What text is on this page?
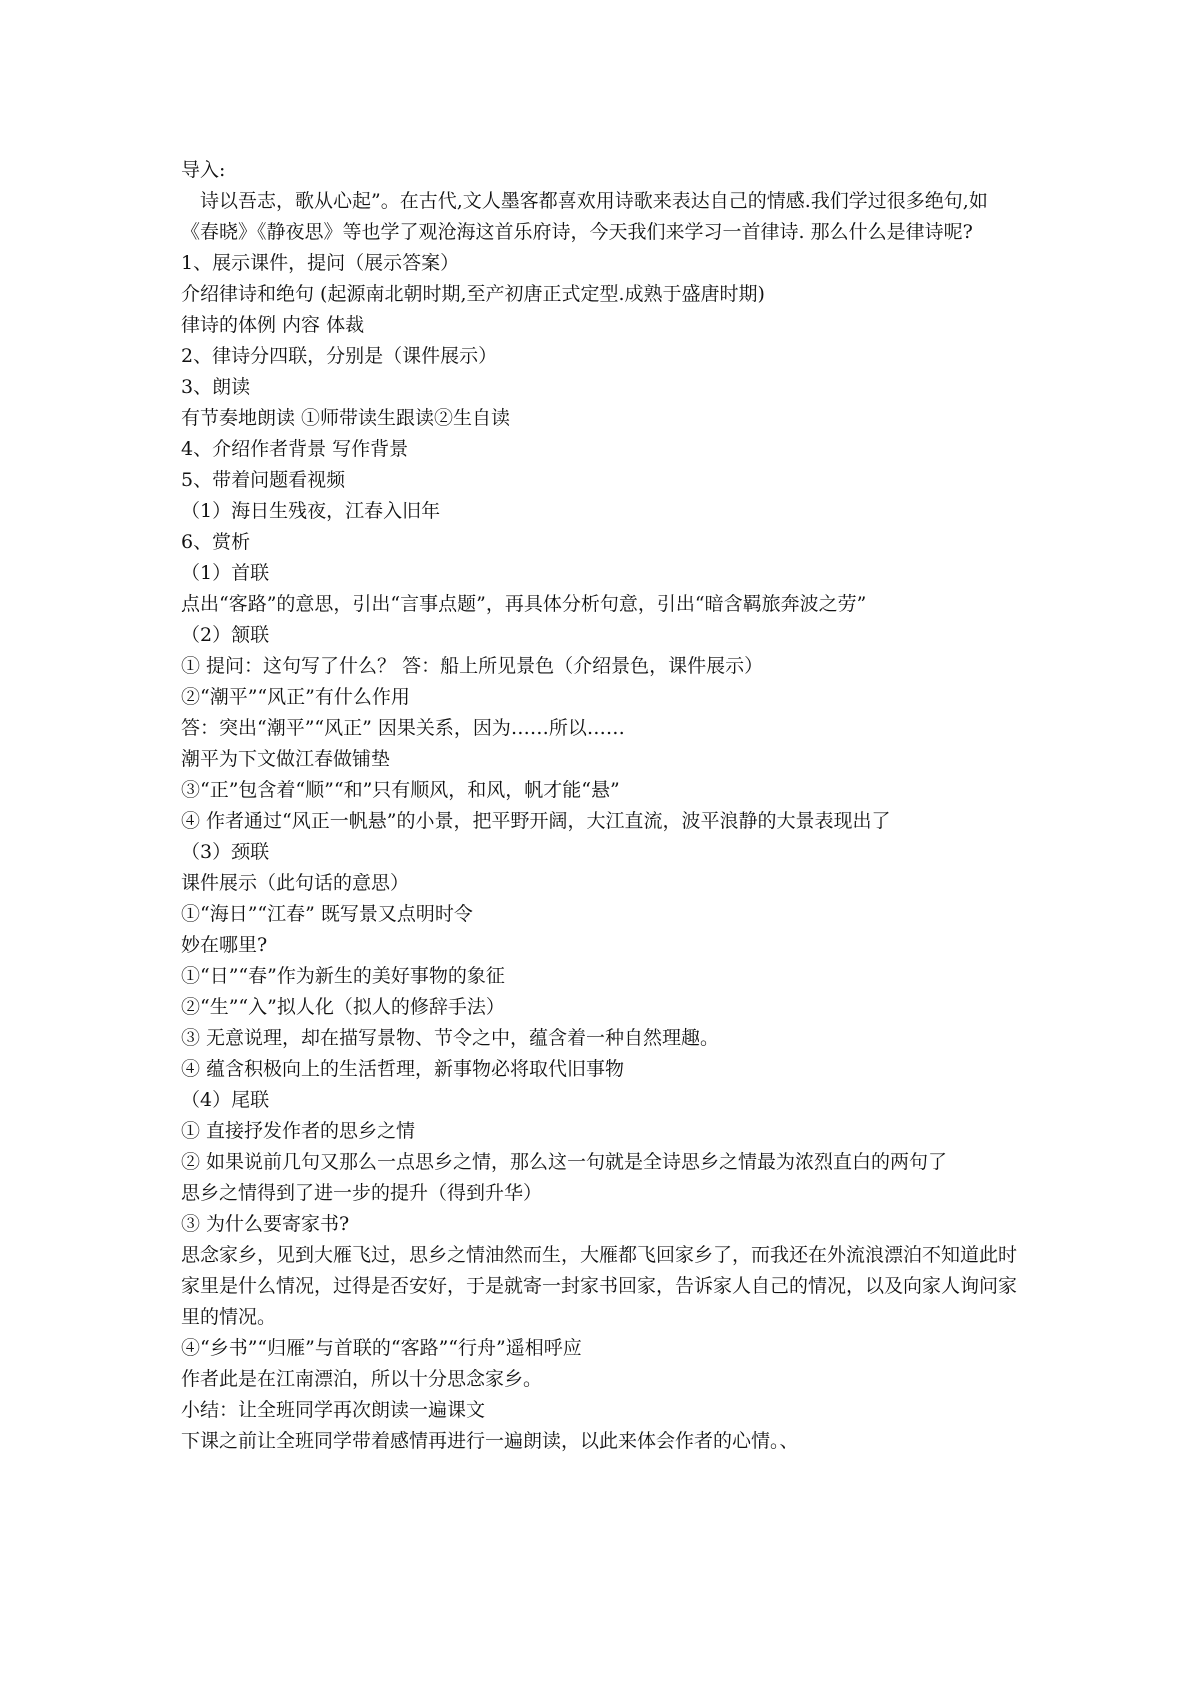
导入:

诗以吾志，歌从心起”。在古代,文人墨客都喜欢用诗歌来表达自己的情感.我们学过很多绝句,如《春晓》《静夜思》等也学了观沧海这首乐府诗，今天我们来学习一首律诗. 那么什么是律诗呢?

1、展示课件，提问（展示答案）

介绍律诗和绝句 (起源南北朝时期,至产初唐正式定型.成熟于盛唐时期)

律诗的体例 内容 体裁

2、律诗分四联，分别是（课件展示）

3、朗读

有节奏地朗读 ①师带读生跟读②生自读

4、介绍作者背景 写作背景

5、带着问题看视频

（1）海日生残夜，江春入旧年

6、赏析

（1）首联

点出“客路”的意思，引出“言事点题”，再具体分析句意，引出“暗含羁旅奔波之劳”

（2）颔联

① 提问：这句写了什么？ 答：船上所见景色（介绍景色，课件展示）

②“潮平”“风正”有什么作用

答：突出“潮平”“风正” 因果关系，因为……所以……

潮平为下文做江春做铺垫

③“正”包含着“顺”“和”只有顺风，和风，帆才能“悬”

④ 作者通过“风正一帆悬”的小景，把平野开阔，大江直流，波平浪静的大景表现出了

（3）颈联

课件展示（此句话的意思）

①“海日”“江春” 既写景又点明时令

妙在哪里?

①“日”“春”作为新生的美好事物的象征

②“生”“入”拟人化（拟人的修辞手法）

③ 无意说理，却在描写景物、节令之中，蕴含着一种自然理趣。

④ 蕴含积极向上的生活哲理，新事物必将取代旧事物

（4）尾联

① 直接抒发作者的思乡之情

② 如果说前几句又那么一点思乡之情，那么这一句就是全诗思乡之情最为浓烈直白的两句了

思乡之情得到了进一步的提升（得到升华）

③ 为什么要寄家书?

思念家乡，见到大雁飞过，思乡之情油然而生，大雁都飞回家乡了，而我还在外流浪漂泊不知道此时家里是什么情况，过得是否安好，于是就寄一封家书回家，告诉家人自己的情况，以及向家人询问家里的情况。

④“乡书”“归雁”与首联的“客路”“行舟”遥相呼应

作者此是在江南漂泊，所以十分思念家乡。

小结：让全班同学再次朗读一遍课文

下课之前让全班同学带着感情再进行一遍朗读，以此来体会作者的心情。、
